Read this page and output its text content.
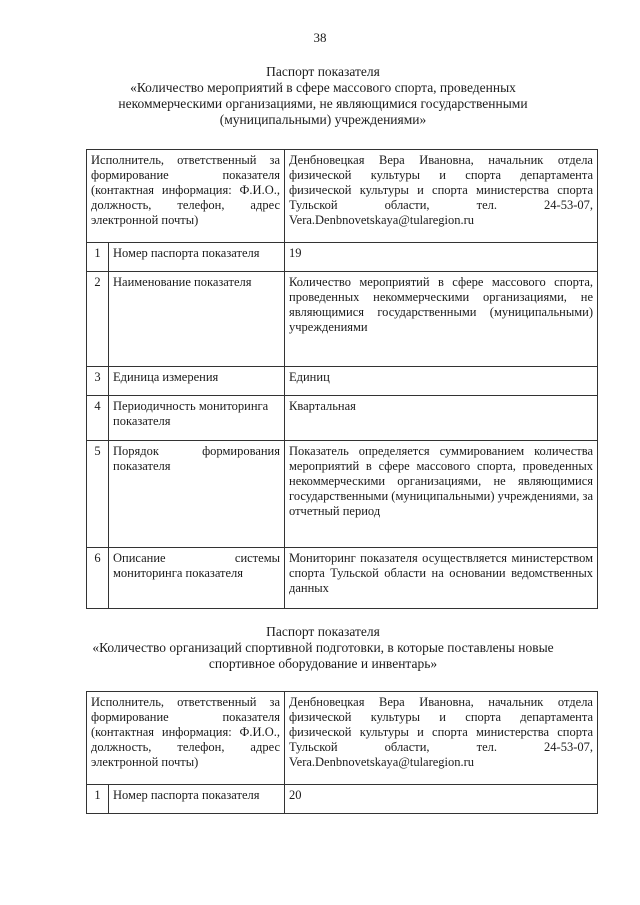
38
Паспорт показателя
«Количество мероприятий в сфере массового спорта, проведенных некоммерческими организациями, не являющимися государственными (муниципальными) учреждениями»
Исполнитель, ответственный за формирование показателя (контактная информация: Ф.И.О., должность, телефон, адрес электронной почты)		Денбновецкая Вера Ивановна, начальник отдела физической культуры и спорта департамента физической культуры и спорта министерства спорта Тульской области, тел. 24-53-07, Vera.Denbnovetskaya@tularegion.ru
1	Номер паспорта показателя	19
2	Наименование показателя	Количество мероприятий в сфере массового спорта, проведенных некоммерческими организациями, не являющимися государственными (муниципальными) учреждениями
3	Единица измерения	Единиц
4	Периодичность мониторинга показателя	Квартальная
5	Порядок формирования показателя	Показатель определяется суммированием количества мероприятий в сфере массового спорта, проведенных некоммерческими организациями, не являющимися государственными (муниципальными) учреждениями, за отчетный период
6	Описание системы мониторинга показателя	Мониторинг показателя осуществляется министерством спорта Тульской области на основании ведомственных данных
Паспорт показателя
«Количество организаций спортивной подготовки, в которые поставлены новые спортивное оборудование и инвентарь»
Исполнитель, ответственный за формирование показателя (контактная информация: Ф.И.О., должность, телефон, адрес электронной почты)		Денбновецкая Вера Ивановна, начальник отдела физической культуры и спорта департамента физической культуры и спорта министерства спорта Тульской области, тел. 24-53-07, Vera.Denbnovetskaya@tularegion.ru
1	Номер паспорта показателя	20
